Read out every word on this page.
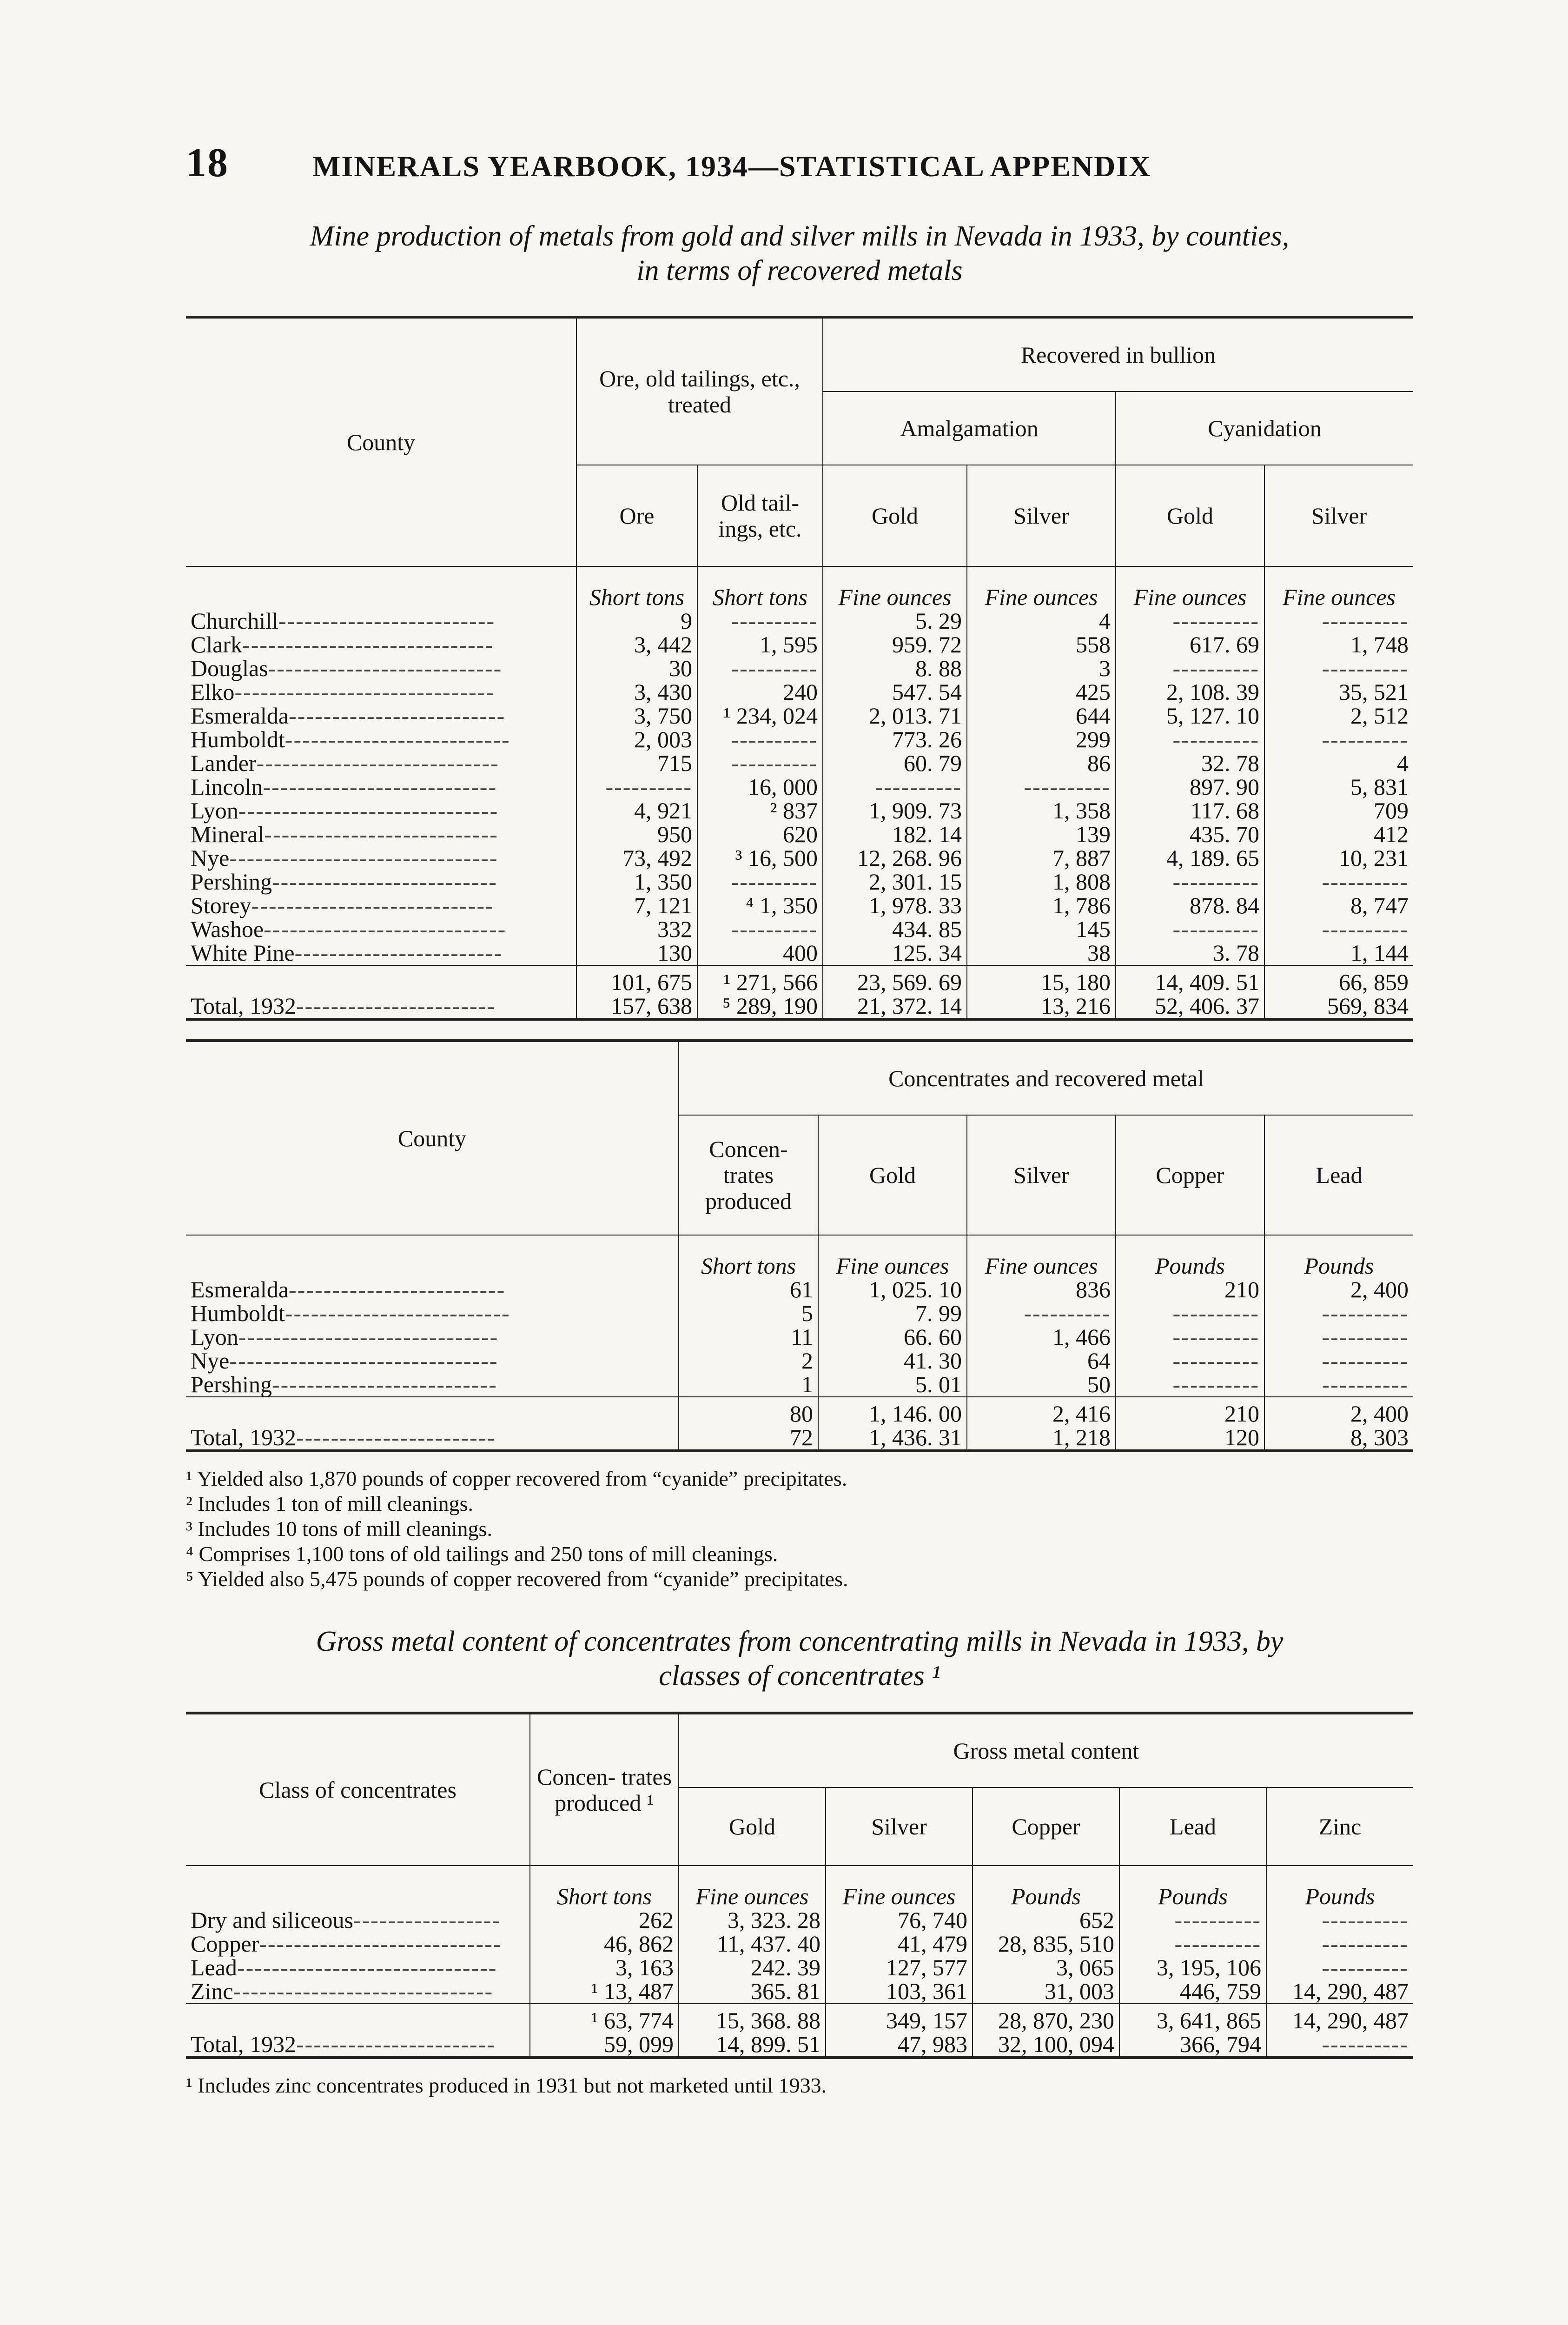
18	MINERALS YEARBOOK, 1934—STATISTICAL APPENDIX
Mine production of metals from gold and silver mills in Nevada in 1933, by counties,
in terms of recovered metals
County	Ore, old tailings, etc., treated		Recovered in bullion			
			Amalgamation		Cyanidation	
	Ore	Old tail- ings, etc.	Gold	Silver	Gold	Silver
	Short tons	Short tons	Fine ounces	Fine ounces	Fine ounces	Fine ounces
Churchill-------------------------	9	----------	5. 29	4	----------	----------
Clark-----------------------------	3, 442	1, 595	959. 72	558	617. 69	1, 748
Douglas---------------------------	30	----------	8. 88	3	----------	----------
Elko------------------------------	3, 430	240	547. 54	425	2, 108. 39	35, 521
Esmeralda-------------------------	3, 750	¹ 234, 024	2, 013. 71	644	5, 127. 10	2, 512
Humboldt--------------------------	2, 003	----------	773. 26	299	----------	----------
Lander----------------------------	715	----------	60. 79	86	32. 78	4
Lincoln---------------------------	----------	16, 000	----------	----------	897. 90	5, 831
Lyon------------------------------	4, 921	² 837	1, 909. 73	1, 358	117. 68	709
Mineral---------------------------	950	620	182. 14	139	435. 70	412
Nye-------------------------------	73, 492	³ 16, 500	12, 268. 96	7, 887	4, 189. 65	10, 231
Pershing--------------------------	1, 350	----------	2, 301. 15	1, 808	----------	----------
Storey----------------------------	7, 121	⁴ 1, 350	1, 978. 33	1, 786	878. 84	8, 747
Washoe----------------------------	332	----------	434. 85	145	----------	----------
White Pine------------------------	130	400	125. 34	38	3. 78	1, 144
	101, 675	¹ 271, 566	23, 569. 69	15, 180	14, 409. 51	66, 859
Total, 1932-----------------------	157, 638	⁵ 289, 190	21, 372. 14	13, 216	52, 406. 37	569, 834
County	Concentrates and recovered metal				
	Concen- trates produced	Gold	Silver	Copper	Lead
	Short tons	Fine ounces	Fine ounces	Pounds	Pounds
Esmeralda-------------------------	61	1, 025. 10	836	210	2, 400
Humboldt--------------------------	5	7. 99	----------	----------	----------
Lyon------------------------------	11	66. 60	1, 466	----------	----------
Nye-------------------------------	2	41. 30	64	----------	----------
Pershing--------------------------	1	5. 01	50	----------	----------
	80	1, 146. 00	2, 416	210	2, 400
Total, 1932-----------------------	72	1, 436. 31	1, 218	120	8, 303
¹ Yielded also 1,870 pounds of copper recovered from “cyanide” precipitates.
² Includes 1 ton of mill cleanings.
³ Includes 10 tons of mill cleanings.
⁴ Comprises 1,100 tons of old tailings and 250 tons of mill cleanings.
⁵ Yielded also 5,475 pounds of copper recovered from “cyanide” precipitates.
Gross metal content of concentrates from concentrating mills in Nevada in 1933, by
classes of concentrates ¹
Class of concentrates	Concen- trates produced ¹	Gross metal content				
		Gold	Silver	Copper	Lead	Zinc
	Short tons	Fine ounces	Fine ounces	Pounds	Pounds	Pounds
Dry and siliceous-----------------	262	3, 323. 28	76, 740	652	----------	----------
Copper----------------------------	46, 862	11, 437. 40	41, 479	28, 835, 510	----------	----------
Lead------------------------------	3, 163	242. 39	127, 577	3, 065	3, 195, 106	----------
Zinc------------------------------	¹ 13, 487	365. 81	103, 361	31, 003	446, 759	14, 290, 487
	¹ 63, 774	15, 368. 88	349, 157	28, 870, 230	3, 641, 865	14, 290, 487
Total, 1932-----------------------	59, 099	14, 899. 51	47, 983	32, 100, 094	366, 794	----------
¹ Includes zinc concentrates produced in 1931 but not marketed until 1933.
